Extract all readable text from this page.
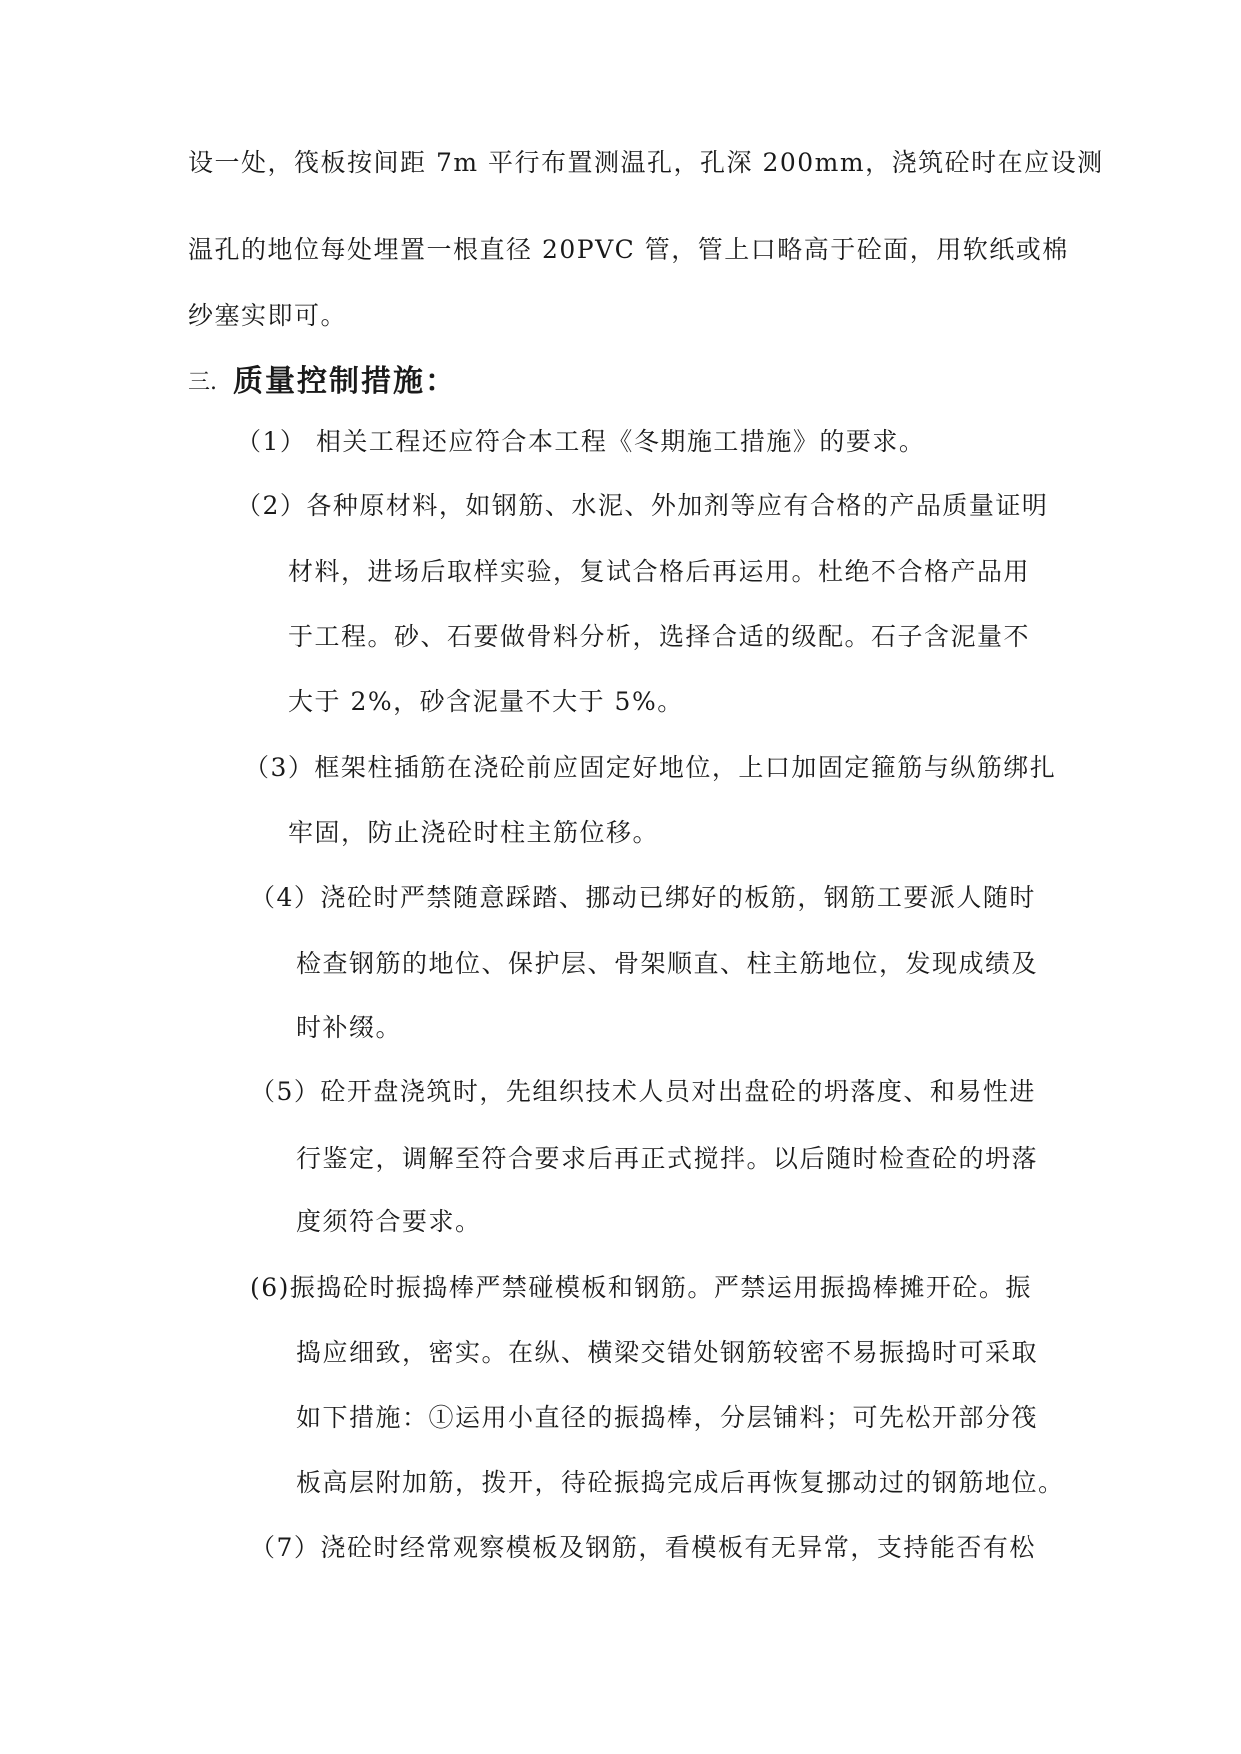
设一处，筏板按间距 7m 平行布置测温孔，孔深 200mm，浇筑砼时在应设测
温孔的地位每处埋置一根直径 20PVC 管，管上口略高于砼面，用软纸或棉
纱塞实即可。
三. 质量控制措施：
（1） 相关工程还应符合本工程《冬期施工措施》的要求。
（2）各种原材料，如钢筋、水泥、外加剂等应有合格的产品质量证明
材料，进场后取样实验，复试合格后再运用。杜绝不合格产品用
于工程。砂、石要做骨料分析，选择合适的级配。石子含泥量不
大于 2%，砂含泥量不大于 5%。
（3）框架柱插筋在浇砼前应固定好地位，上口加固定箍筋与纵筋绑扎
牢固，防止浇砼时柱主筋位移。
（4）浇砼时严禁随意踩踏、挪动已绑好的板筋，钢筋工要派人随时
检查钢筋的地位、保护层、骨架顺直、柱主筋地位，发现成绩及
时补缀。
（5）砼开盘浇筑时，先组织技术人员对出盘砼的坍落度、和易性进
行鉴定，调解至符合要求后再正式搅拌。以后随时检查砼的坍落
度须符合要求。
(6)振捣砼时振捣棒严禁碰模板和钢筋。严禁运用振捣棒摊开砼。振
捣应细致，密实。在纵、横梁交错处钢筋较密不易振捣时可采取
如下措施：①运用小直径的振捣棒，分层铺料；可先松开部分筏
板高层附加筋，拨开，待砼振捣完成后再恢复挪动过的钢筋地位。
（7）浇砼时经常观察模板及钢筋，看模板有无异常，支持能否有松
